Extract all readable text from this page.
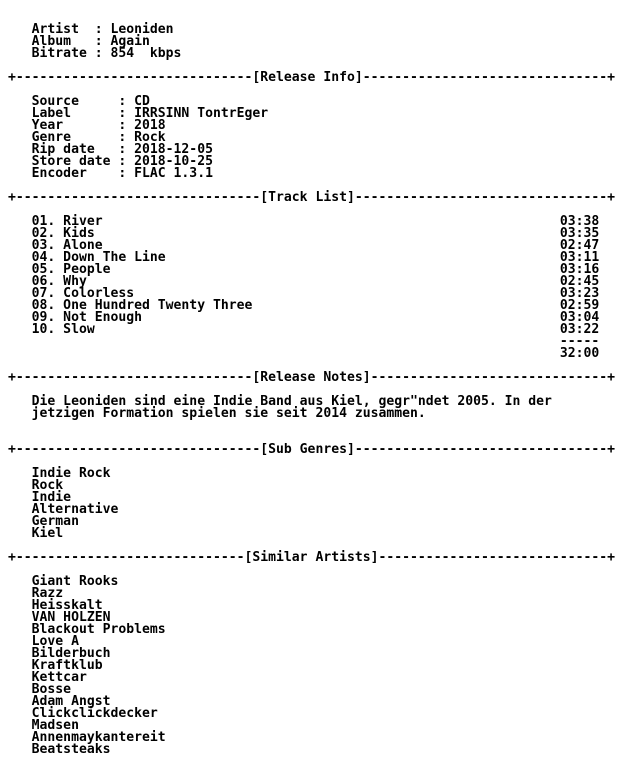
Artist  : Leoniden
Album   : Again
Bitrate : 854  kbps

+------------------------------[Release Info]-------------------------------+

Source     : CD
Label      : IRRSINN TontrEger
Year       : 2018
Genre      : Rock
Rip date   : 2018-12-05
Store date : 2018-10-25
Encoder    : FLAC 1.3.1

+-------------------------------[Track List]--------------------------------+

01. River                                                          03:38
02. Kids                                                           03:35
03. Alone                                                          02:47
04. Down The Line                                                  03:11
05. People                                                         03:16
06. Why                                                            02:45
07. Colorless                                                      03:23
08. One Hundred Twenty Three                                       02:59
09. Not Enough                                                     03:04
10. Slow                                                           03:22
-----
32:00

+------------------------------[Release Notes]------------------------------+

Die Leoniden sind eine Indie Band aus Kiel, gegr"ndet 2005. In der
jetzigen Formation spielen sie seit 2014 zusammen.

+-------------------------------[Sub Genres]--------------------------------+

Indie Rock
Rock
Indie
Alternative
German
Kiel

+-----------------------------[Similar Artists]-----------------------------+

Giant Rooks
Razz
Heisskalt
VAN HOLZEN
Blackout Problems
Love A
Bilderbuch
Kraftklub
Kettcar
Bosse
Adam Angst
Clickclickdecker
Madsen
Annenmaykantereit
Beatsteaks
